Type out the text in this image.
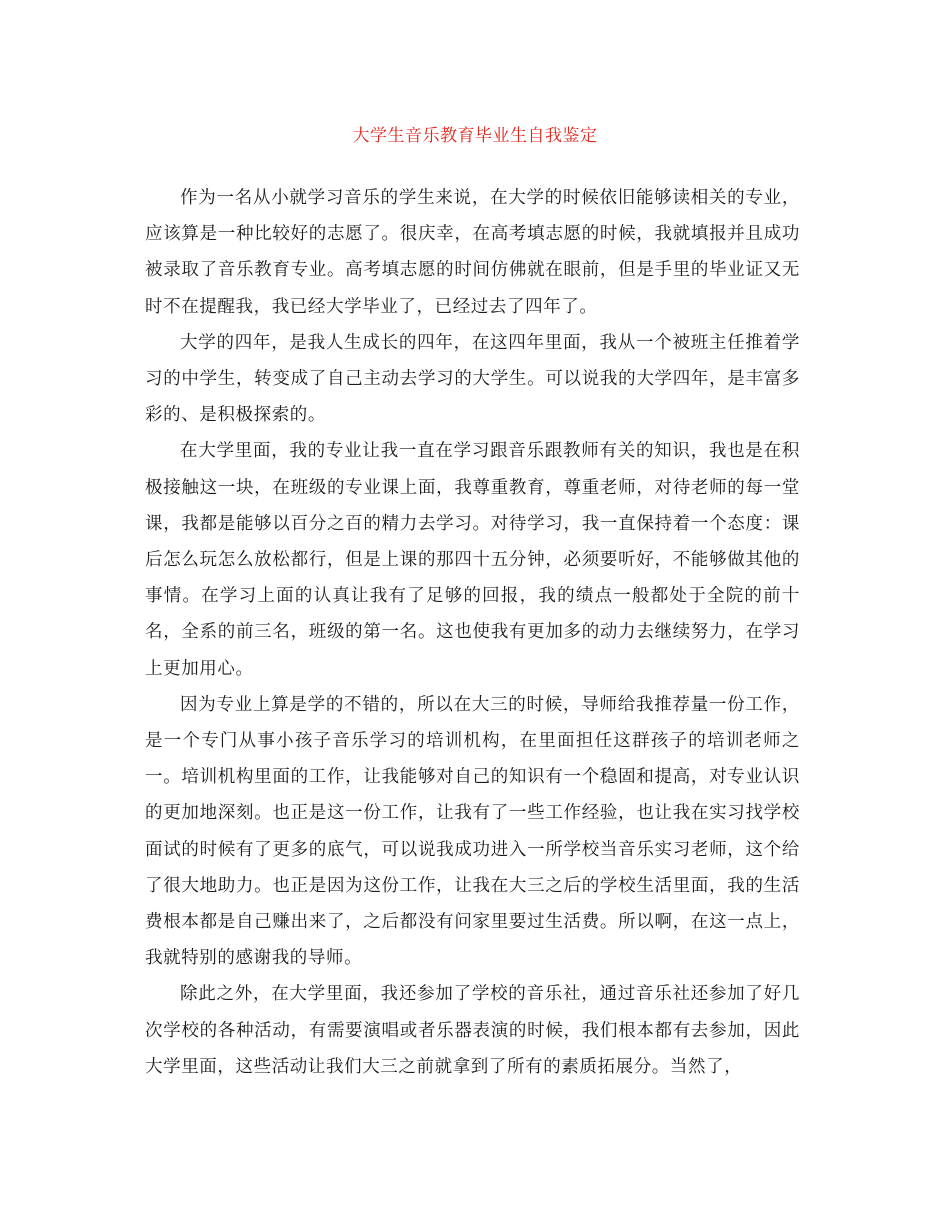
大学生音乐教育毕业生自我鉴定

作为一名从小就学习音乐的学生来说，在大学的时候依旧能够读相关的专业，应该算是一种比较好的志愿了。很庆幸，在高考填志愿的时候，我就填报并且成功被录取了音乐教育专业。高考填志愿的时间仿佛就在眼前，但是手里的毕业证又无时不在提醒我，我已经大学毕业了，已经过去了四年了。

大学的四年，是我人生成长的四年，在这四年里面，我从一个被班主任推着学习的中学生，转变成了自己主动去学习的大学生。可以说我的大学四年，是丰富多彩的、是积极探索的。

在大学里面，我的专业让我一直在学习跟音乐跟教师有关的知识，我也是在积极接触这一块，在班级的专业课上面，我尊重教育，尊重老师，对待老师的每一堂课，我都是能够以百分之百的精力去学习。对待学习，我一直保持着一个态度：课后怎么玩怎么放松都行，但是上课的那四十五分钟，必须要听好，不能够做其他的事情。在学习上面的认真让我有了足够的回报，我的绩点一般都处于全院的前十名，全系的前三名，班级的第一名。这也使我有更加多的动力去继续努力，在学习上更加用心。

因为专业上算是学的不错的，所以在大三的时候，导师给我推荐量一份工作，是一个专门从事小孩子音乐学习的培训机构，在里面担任这群孩子的培训老师之一。培训机构里面的工作，让我能够对自己的知识有一个稳固和提高，对专业认识的更加地深刻。也正是这一份工作，让我有了一些工作经验，也让我在实习找学校面试的时候有了更多的底气，可以说我成功进入一所学校当音乐实习老师，这个给了很大地助力。也正是因为这份工作，让我在大三之后的学校生活里面，我的生活费根本都是自己赚出来了，之后都没有问家里要过生活费。所以啊，在这一点上，我就特别的感谢我的导师。

除此之外，在大学里面，我还参加了学校的音乐社，通过音乐社还参加了好几次学校的各种活动，有需要演唱或者乐器表演的时候，我们根本都有去参加，因此大学里面，这些活动让我们大三之前就拿到了所有的素质拓展分。当然了，
